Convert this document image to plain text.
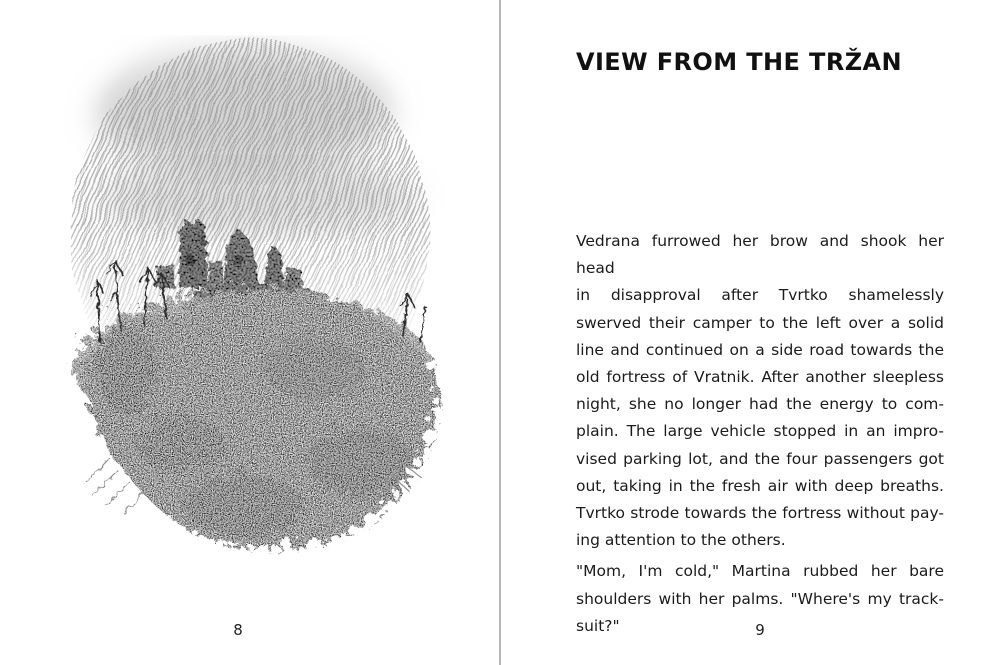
8
VIEW FROM THE TRŽAN
Vedrana furrowed her brow and shook her head
in disapproval after Tvrtko shamelessly
swerved their camper to the left over a solid
line and continued on a side road towards the
old fortress of Vratnik. After another sleepless
night, she no longer had the energy to com-
plain. The large vehicle stopped in an impro-
vised parking lot, and the four passengers got
out, taking in the fresh air with deep breaths.
Tvrtko strode towards the fortress without pay-
ing attention to the others.
"Mom, I'm cold," Martina rubbed her bare
shoulders with her palms. "Where's my track-
suit?"	9
